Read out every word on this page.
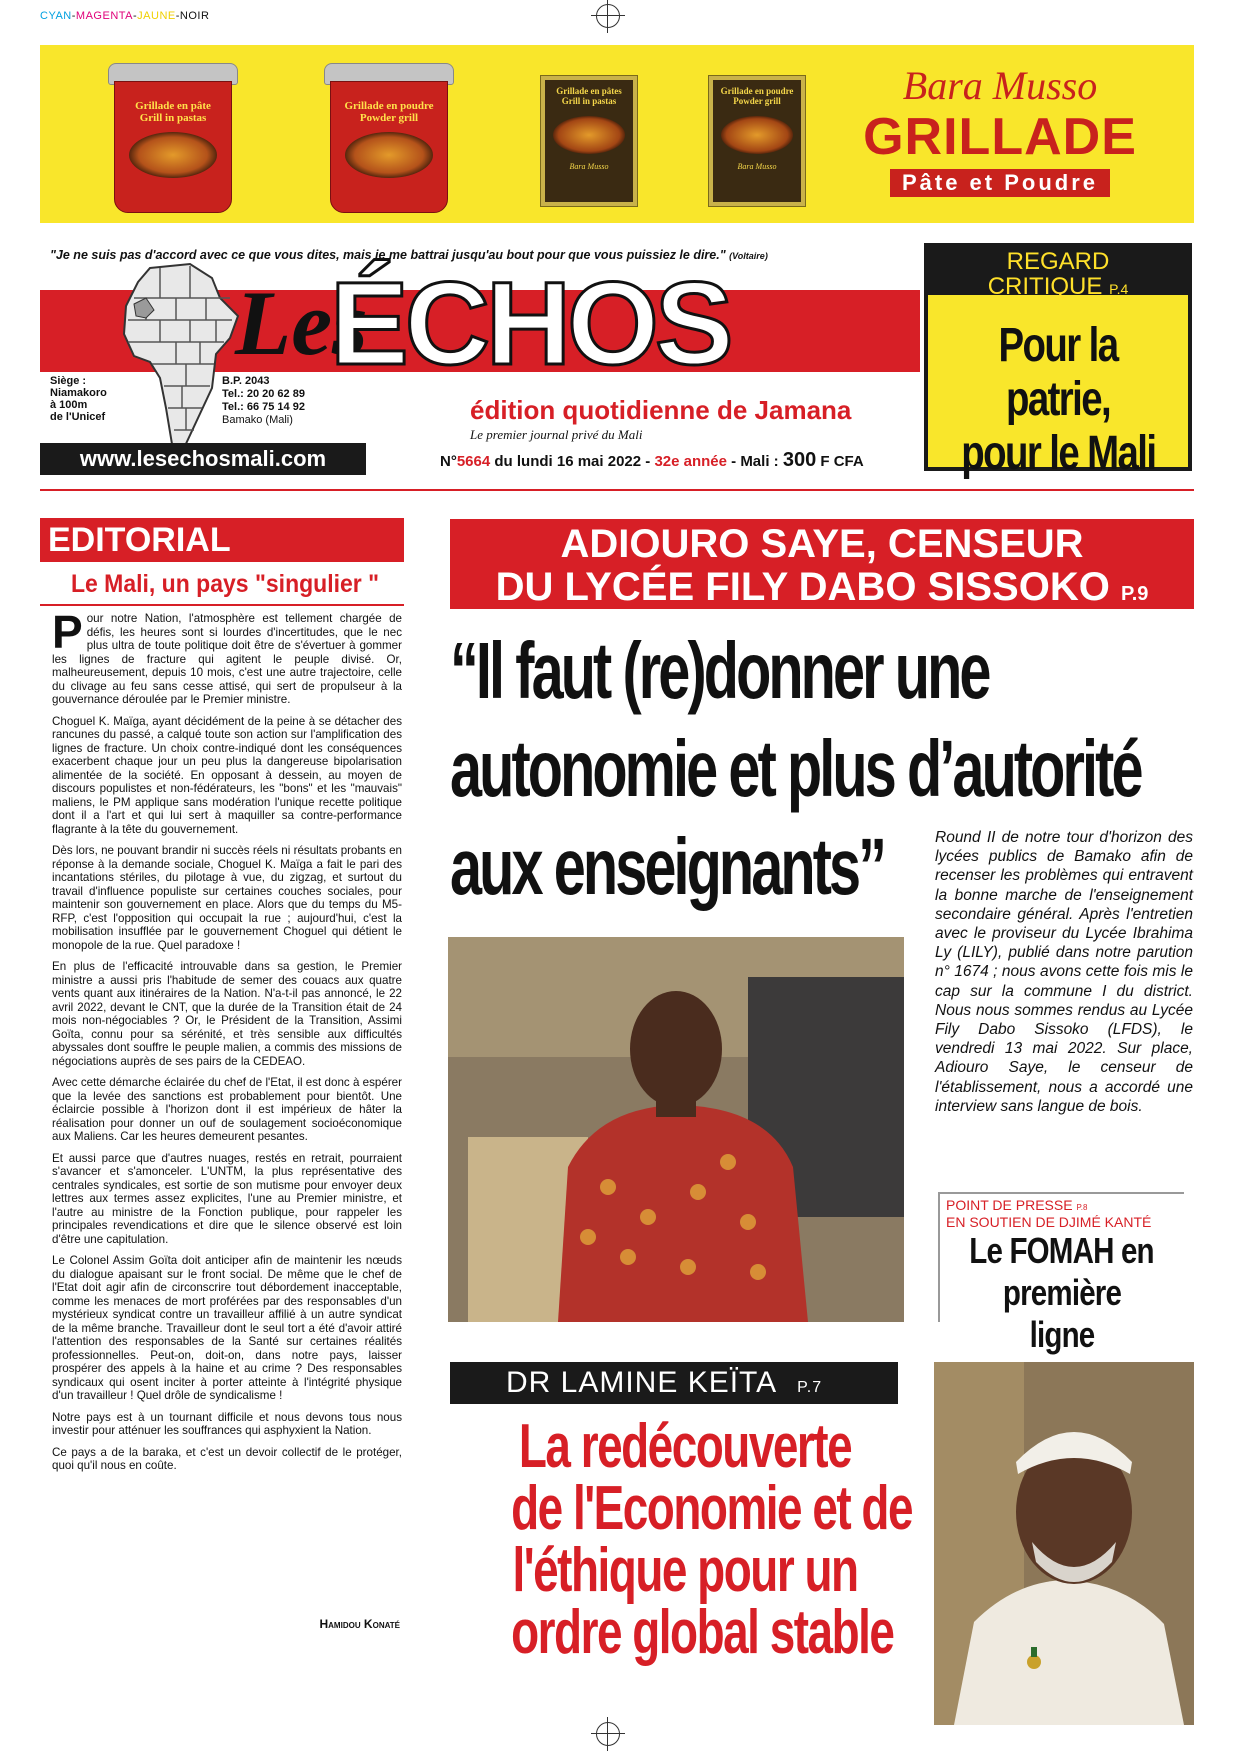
CYAN-MAGENTA-JAUNE-NOIR
Grillade en pâte
Grill in pastas
Grillade en poudre
Powder grill
Grillade en pâtes
Grill in pastas
Bara Musso
Grillade en poudre
Powder grill
Bara Musso
Bara Musso
GRILLADE
Pâte et Poudre
"Je ne suis pas d'accord avec ce que vous dites, mais je me battrai jusqu'au bout pour que vous puissiez le dire." (Voltaire)
Les
ÉCHOS
Siège :
Niamakoro
à 100m
de l'Unicef
B.P. 2043
Tel.: 20 20 62 89
Tel.: 66 75 14 92
Bamako (Mali)	édition quotidienne de Jamana
Le premier journal privé du Mali
www.lesechosmali.com	N°5664 du lundi 16 mai 2022 - 32e année - Mali : 300 F CFA
REGARD
CRITIQUE P.4
Pour la patrie,
pour le Mali
EDITORIAL
Le Mali, un pays "singulier "

Pour notre Nation, l'atmosphère est tellement chargée de défis, les heures sont si lourdes d'incertitudes, que le nec plus ultra de toute politique doit être de s'évertuer à gommer les lignes de fracture qui agitent le peuple divisé. Or, malheureusement, depuis 10 mois, c'est une autre trajectoire, celle du clivage au feu sans cesse attisé, qui sert de propulseur à la gouvernance déroulée par le Premier ministre.

Choguel K. Maïga, ayant décidément de la peine à se détacher des rancunes du passé, a calqué toute son action sur l'amplification des lignes de fracture. Un choix contre-indiqué dont les conséquences exacerbent chaque jour un peu plus la dangereuse bipolarisation alimentée de la société. En opposant à dessein, au moyen de discours populistes et non-fédérateurs, les "bons" et les "mauvais" maliens, le PM applique sans modération l'unique recette politique dont il a l'art et qui lui sert à maquiller sa contre-performance flagrante à la tête du gouvernement.

Dès lors, ne pouvant brandir ni succès réels ni résultats probants en réponse à la demande sociale, Choguel K. Maïga a fait le pari des incantations stériles, du pilotage à vue, du zigzag, et surtout du travail d'influence populiste sur certaines couches sociales, pour maintenir son gouvernement en place. Alors que du temps du M5-RFP, c'est l'opposition qui occupait la rue ; aujourd'hui, c'est la mobilisation insufflée par le gouvernement Choguel qui détient le monopole de la rue. Quel paradoxe !

En plus de l'efficacité introuvable dans sa gestion, le Premier ministre a aussi pris l'habitude de semer des couacs aux quatre vents quant aux itinéraires de la Nation. N'a-t-il pas annoncé, le 22 avril 2022, devant le CNT, que la durée de la Transition était de 24 mois non-négociables ? Or, le Président de la Transition, Assimi Goïta, connu pour sa sérénité, et très sensible aux difficultés abyssales dont souffre le peuple malien, a commis des missions de négociations auprès de ses pairs de la CEDEAO.

Avec cette démarche éclairée du chef de l'Etat, il est donc à espérer que la levée des sanctions est probablement pour bientôt. Une éclaircie possible à l'horizon dont il est impérieux de hâter la réalisation pour donner un ouf de soulagement socioéconomique aux Maliens. Car les heures demeurent pesantes.

Et aussi parce que d'autres nuages, restés en retrait, pourraient s'avancer et s'amonceler. L'UNTM, la plus représentative des centrales syndicales, est sortie de son mutisme pour envoyer deux lettres aux termes assez explicites, l'une au Premier ministre, et l'autre au ministre de la Fonction publique, pour rappeler les principales revendications et dire que le silence observé est loin d'être une capitulation.

Le Colonel Assim Goïta doit anticiper afin de maintenir les nœuds du dialogue apaisant sur le front social. De même que le chef de l'Etat doit agir afin de circonscrire tout débordement inacceptable, comme les menaces de mort proférées par des responsables d'un mystérieux syndicat contre un travailleur affilié à un autre syndicat de la même branche. Travailleur dont le seul tort a été d'avoir attiré l'attention des responsables de la Santé sur certaines réalités professionnelles. Peut-on, doit-on, dans notre pays, laisser prospérer des appels à la haine et au crime ? Des responsables syndicaux qui osent inciter à porter atteinte à l'intégrité physique d'un travailleur ! Quel drôle de syndicalisme !

Notre pays est à un tournant difficile et nous devons tous nous investir pour atténuer les souffrances qui asphyxient la Nation.

Ce pays a de la baraka, et c'est un devoir collectif de le protéger, quoi qu'il nous en coûte.

Hamidou Konaté
ADIOURO SAYE, CENSEUR
DU LYCÉE FILY DABO SISSOKO P.9
“Il faut (re)donner une
autonomie et plus d’autorité
aux enseignants”	Round II de notre tour d'horizon des lycées publics de Bamako afin de recenser les problèmes qui entravent la bonne marche de l'enseignement secondaire général. Après l'entretien avec le proviseur du Lycée Ibrahima Ly (LILY), publié dans notre parution n° 1674 ; nous avons cette fois mis le cap sur la commune I du district. Nous nous sommes rendus au Lycée Fily Dabo Sissoko (LFDS), le vendredi 13 mai 2022. Sur place, Adiouro Saye, le censeur de l'établissement, nous a accordé une interview sans langue de bois.
POINT DE PRESSE P.8
EN SOUTIEN DE DJIMÉ KANTÉ
Le FOMAH en
première ligne
DR LAMINE KEÏTA P.7
La redécouverte
de l'Economie et de
l'éthique pour un
ordre global stable
